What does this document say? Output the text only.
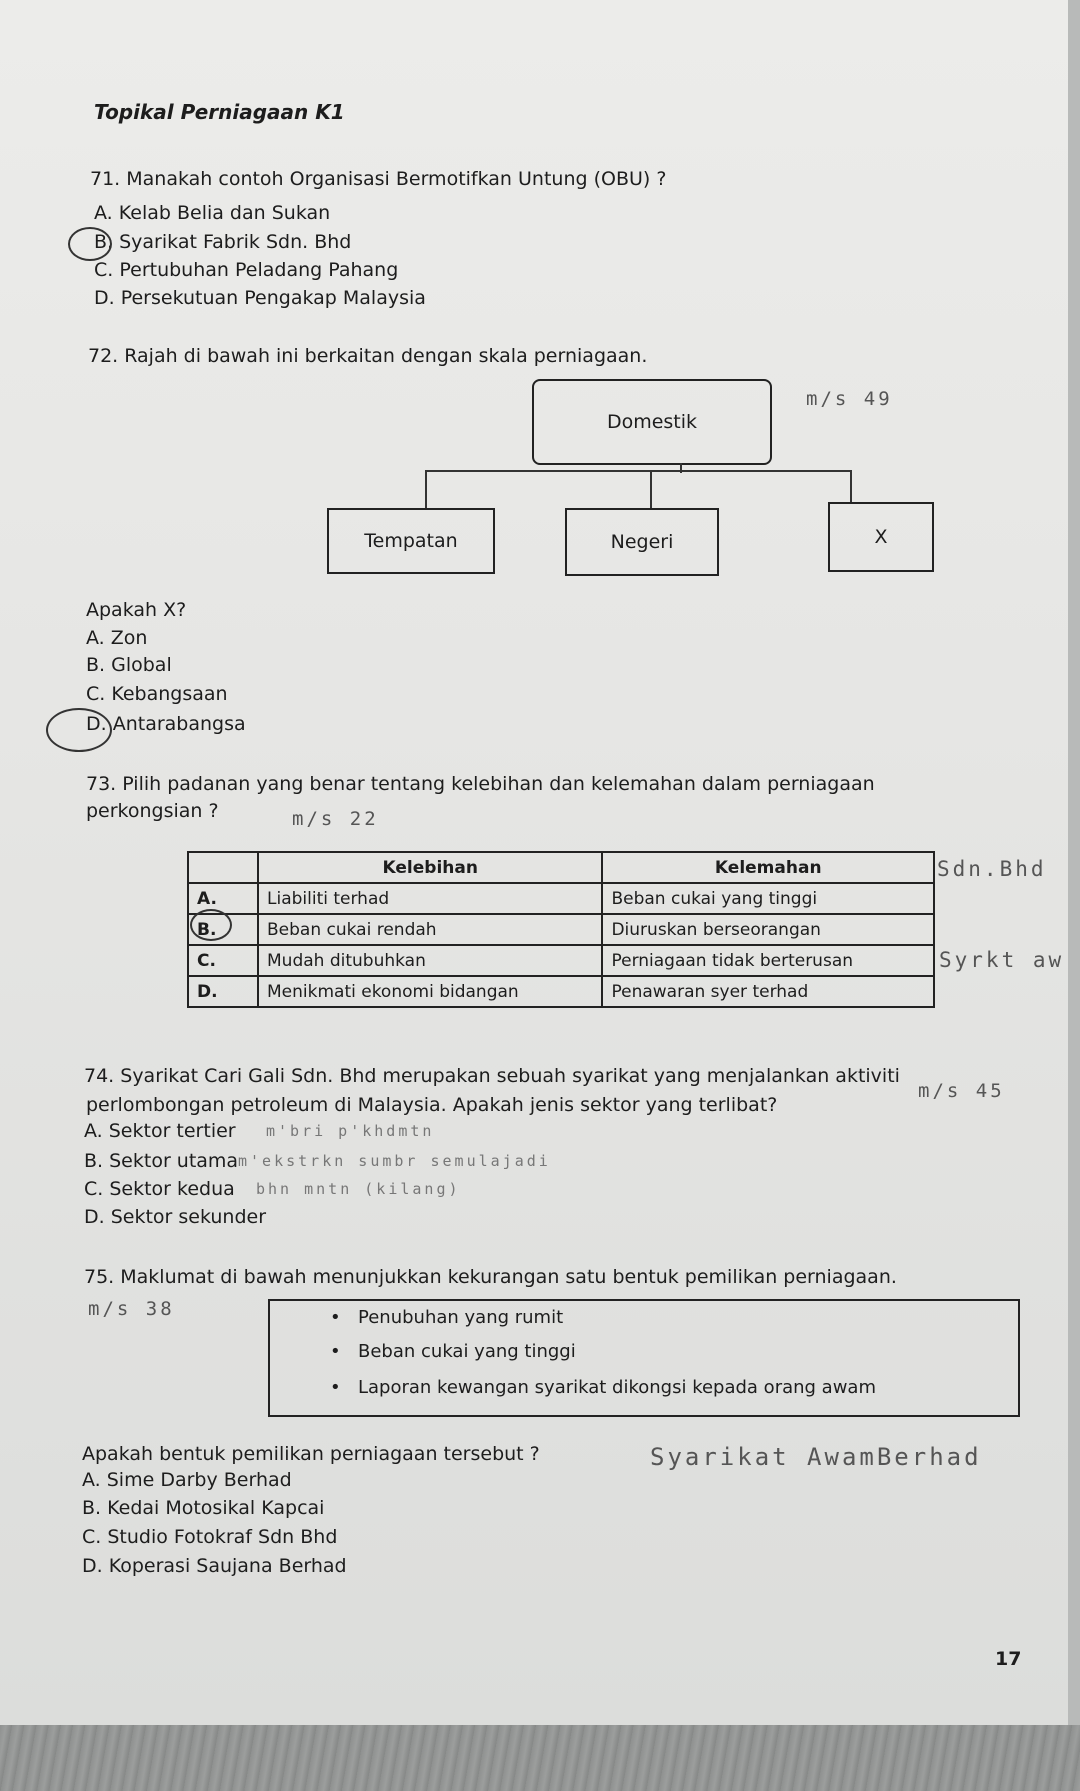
Topikal Perniagaan K1
71. Manakah contoh Organisasi Bermotifkan Untung (OBU) ?
A. Kelab Belia dan Sukan
B. Syarikat Fabrik Sdn. Bhd
C. Pertubuhan Peladang Pahang
D. Persekutuan Pengakap Malaysia
72. Rajah di bawah ini berkaitan dengan skala perniagaan.
m/s 49
Domestik
Tempatan	Negeri	X
Apakah X?
A. Zon
B. Global
C. Kebangsaan
D. Antarabangsa
73. Pilih padanan yang benar tentang kelebihan dan kelemahan dalam perniagaan
perkongsian ?	m/s 22
	Kelebihan	Kelemahan
A.	Liabiliti terhad	Beban cukai yang tinggi
B.	Beban cukai rendah	Diuruskan berseorangan
C.	Mudah ditubuhkan	Perniagaan tidak berterusan
D.	Menikmati ekonomi bidangan	Penawaran syer terhad
Sdn.Bhd
Syrkt aw
74. Syarikat Cari Gali Sdn. Bhd merupakan sebuah syarikat yang menjalankan aktiviti
perlombongan petroleum di Malaysia. Apakah jenis sektor yang terlibat?
m/s 45
A. Sektor tertier m'bri p'khdmtn
B. Sektor utama m'ekstrkn sumbr semulajadi
C. Sektor kedua bhn mntn (kilang)
D. Sektor sekunder
75. Maklumat di bawah menunjukkan kekurangan satu bentuk pemilikan perniagaan.
m/s 38	• Penubuhan yang rumit
• Beban cukai yang tinggi
• Laporan kewangan syarikat dikongsi kepada orang awam
Apakah bentuk pemilikan perniagaan tersebut ?	Syarikat AwamBerhad
A. Sime Darby Berhad
B. Kedai Motosikal Kapcai
C. Studio Fotokraf Sdn Bhd
D. Koperasi Saujana Berhad
17
